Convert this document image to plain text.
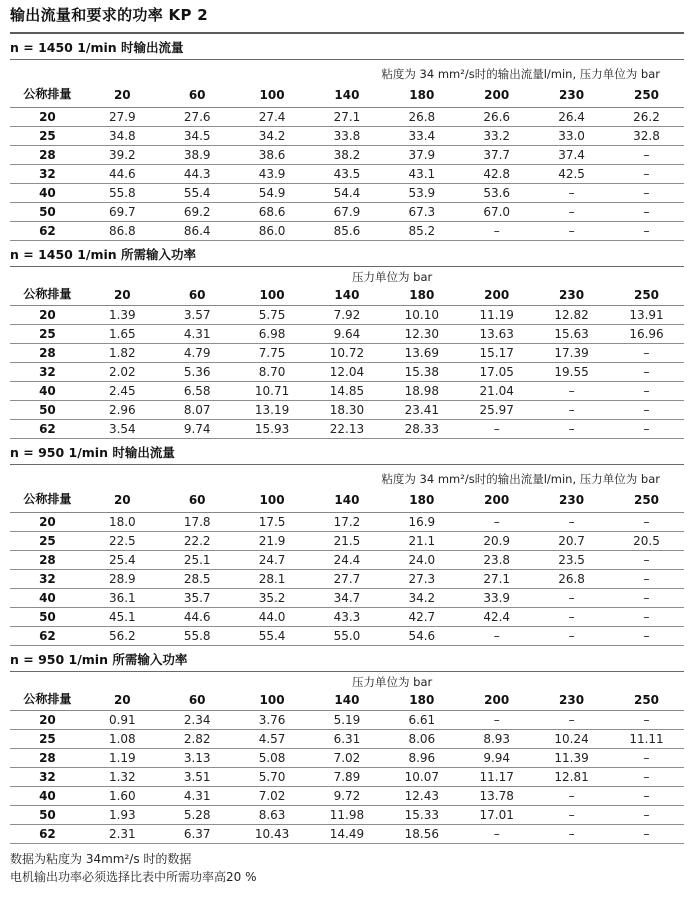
输出流量和要求的功率 KP 2
n = 1450 1/min 时输出流量
粘度为 34 mm²/s时的输出流量l/min, 压力单位为 bar
公称排量	20	60	100	140	180	200	230	250
20	27.9	27.6	27.4	27.1	26.8	26.6	26.4	26.2
25	34.8	34.5	34.2	33.8	33.4	33.2	33.0	32.8
28	39.2	38.9	38.6	38.2	37.9	37.7	37.4	–
32	44.6	44.3	43.9	43.5	43.1	42.8	42.5	–
40	55.8	55.4	54.9	54.4	53.9	53.6	–	–
50	69.7	69.2	68.6	67.9	67.3	67.0	–	–
62	86.8	86.4	86.0	85.6	85.2	–	–	–
n = 1450 1/min 所需输入功率
压力单位为 bar
公称排量	20	60	100	140	180	200	230	250
20	1.39	3.57	5.75	7.92	10.10	11.19	12.82	13.91
25	1.65	4.31	6.98	9.64	12.30	13.63	15.63	16.96
28	1.82	4.79	7.75	10.72	13.69	15.17	17.39	–
32	2.02	5.36	8.70	12.04	15.38	17.05	19.55	–
40	2.45	6.58	10.71	14.85	18.98	21.04	–	–
50	2.96	8.07	13.19	18.30	23.41	25.97	–	–
62	3.54	9.74	15.93	22.13	28.33	–	–	–
n = 950 1/min 时输出流量
粘度为 34 mm²/s时的输出流量l/min, 压力单位为 bar
公称排量	20	60	100	140	180	200	230	250
20	18.0	17.8	17.5	17.2	16.9	–	–	–
25	22.5	22.2	21.9	21.5	21.1	20.9	20.7	20.5
28	25.4	25.1	24.7	24.4	24.0	23.8	23.5	–
32	28.9	28.5	28.1	27.7	27.3	27.1	26.8	–
40	36.1	35.7	35.2	34.7	34.2	33.9	–	–
50	45.1	44.6	44.0	43.3	42.7	42.4	–	–
62	56.2	55.8	55.4	55.0	54.6	–	–	–
n = 950 1/min 所需输入功率
压力单位为 bar
公称排量	20	60	100	140	180	200	230	250
20	0.91	2.34	3.76	5.19	6.61	–	–	–
25	1.08	2.82	4.57	6.31	8.06	8.93	10.24	11.11
28	1.19	3.13	5.08	7.02	8.96	9.94	11.39	–
32	1.32	3.51	5.70	7.89	10.07	11.17	12.81	–
40	1.60	4.31	7.02	9.72	12.43	13.78	–	–
50	1.93	5.28	8.63	11.98	15.33	17.01	–	–
62	2.31	6.37	10.43	14.49	18.56	–	–	–
数据为粘度为 34mm²/s 时的数据
电机输出功率必须选择比表中所需功率高20 %
